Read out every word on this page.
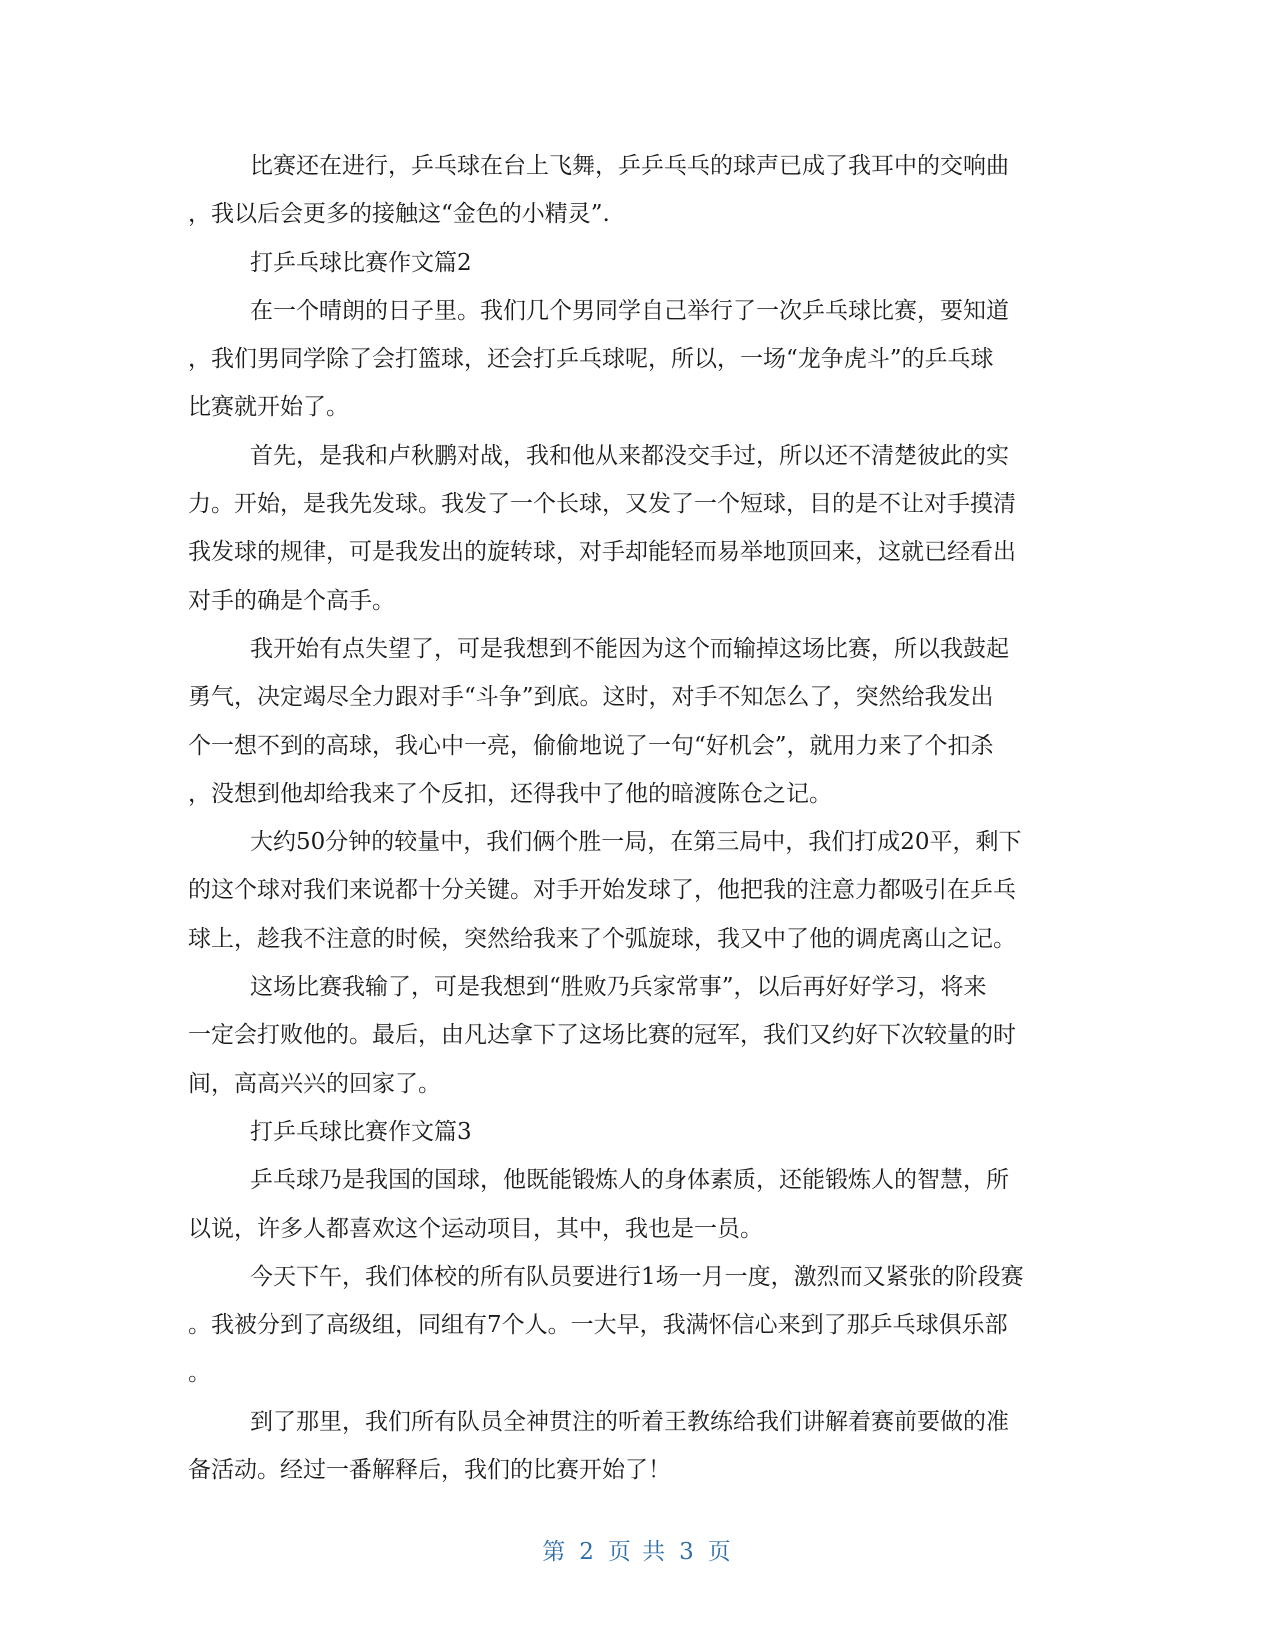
比赛还在进行，乒乓球在台上飞舞，乒乒乓乓的球声已成了我耳中的交响曲
，我以后会更多的接触这“金色的小精灵”.
打乒乓球比赛作文篇2
在一个晴朗的日子里。我们几个男同学自己举行了一次乒乓球比赛，要知道
，我们男同学除了会打篮球，还会打乒乓球呢，所以，一场“龙争虎斗”的乒乓球
比赛就开始了。
首先，是我和卢秋鹏对战，我和他从来都没交手过，所以还不清楚彼此的实
力。开始，是我先发球。我发了一个长球，又发了一个短球，目的是不让对手摸清
我发球的规律，可是我发出的旋转球，对手却能轻而易举地顶回来，这就已经看出
对手的确是个高手。
我开始有点失望了，可是我想到不能因为这个而输掉这场比赛，所以我鼓起
勇气，决定竭尽全力跟对手“斗争”到底。这时，对手不知怎么了，突然给我发出
个一想不到的高球，我心中一亮，偷偷地说了一句“好机会”，就用力来了个扣杀
，没想到他却给我来了个反扣，还得我中了他的暗渡陈仓之记。
大约50分钟的较量中，我们俩个胜一局，在第三局中，我们打成20平，剩下
的这个球对我们来说都十分关键。对手开始发球了，他把我的注意力都吸引在乒乓
球上，趁我不注意的时候，突然给我来了个弧旋球，我又中了他的调虎离山之记。
这场比赛我输了，可是我想到“胜败乃兵家常事”，以后再好好学习，将来
一定会打败他的。最后，由凡达拿下了这场比赛的冠军，我们又约好下次较量的时
间，高高兴兴的回家了。
打乒乓球比赛作文篇3
乒乓球乃是我国的国球，他既能锻炼人的身体素质，还能锻炼人的智慧，所
以说，许多人都喜欢这个运动项目，其中，我也是一员。
今天下午，我们体校的所有队员要进行1场一月一度，激烈而又紧张的阶段赛
。我被分到了高级组，同组有7个人。一大早，我满怀信心来到了那乒乓球俱乐部
。
到了那里，我们所有队员全神贯注的听着王教练给我们讲解着赛前要做的准
备活动。经过一番解释后，我们的比赛开始了！
第 2 页 共 3 页
